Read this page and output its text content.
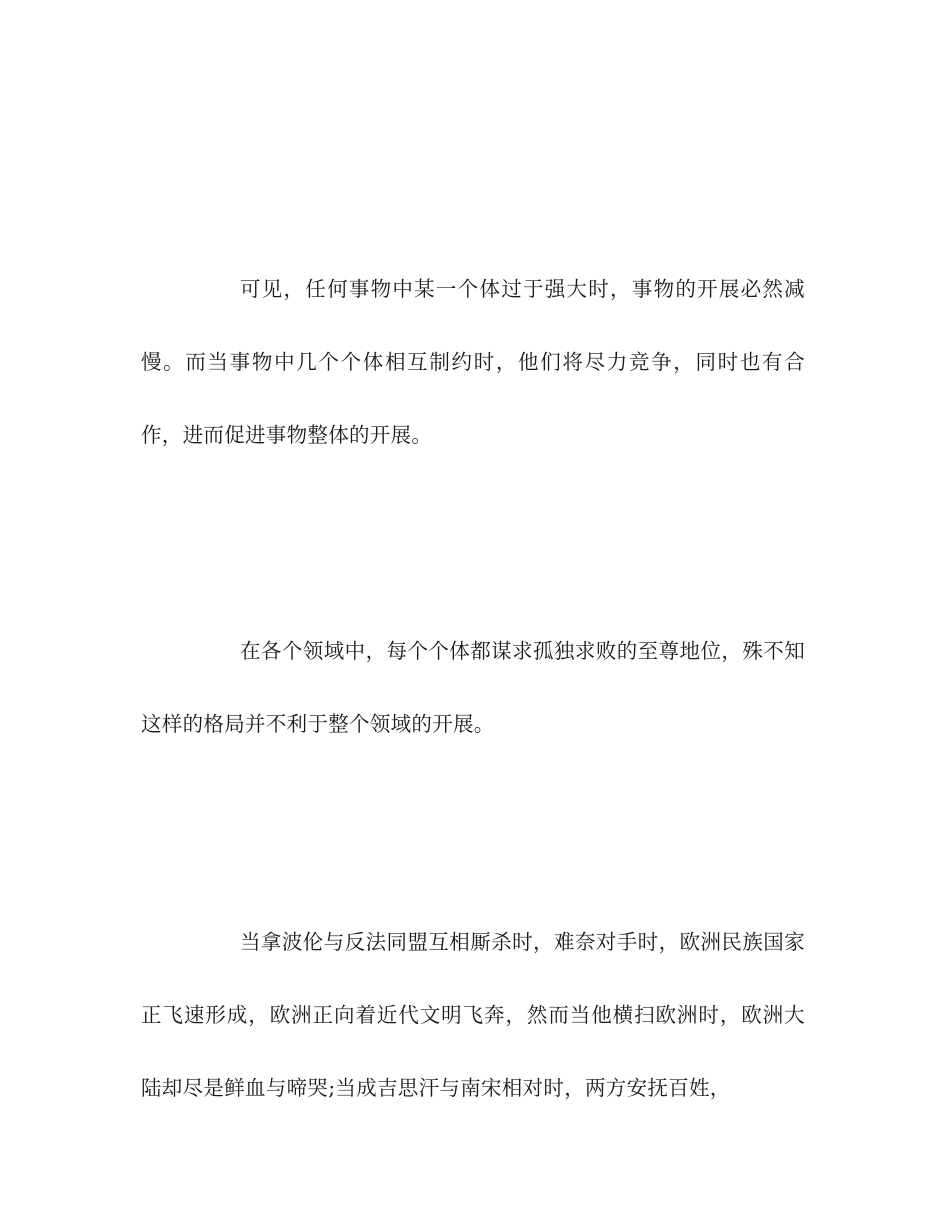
可见，任何事物中某一个体过于强大时，事物的开展必然减慢。而当事物中几个个体相互制约时，他们将尽力竞争，同时也有合作，进而促进事物整体的开展。

在各个领域中，每个个体都谋求孤独求败的至尊地位，殊不知这样的格局并不利于整个领域的开展。

当拿波伦与反法同盟互相厮杀时，难奈对手时，欧洲民族国家正飞速形成，欧洲正向着近代文明飞奔，然而当他横扫欧洲时，欧洲大陆却尽是鲜血与啼哭;当成吉思汗与南宋相对时，两方安抚百姓，
